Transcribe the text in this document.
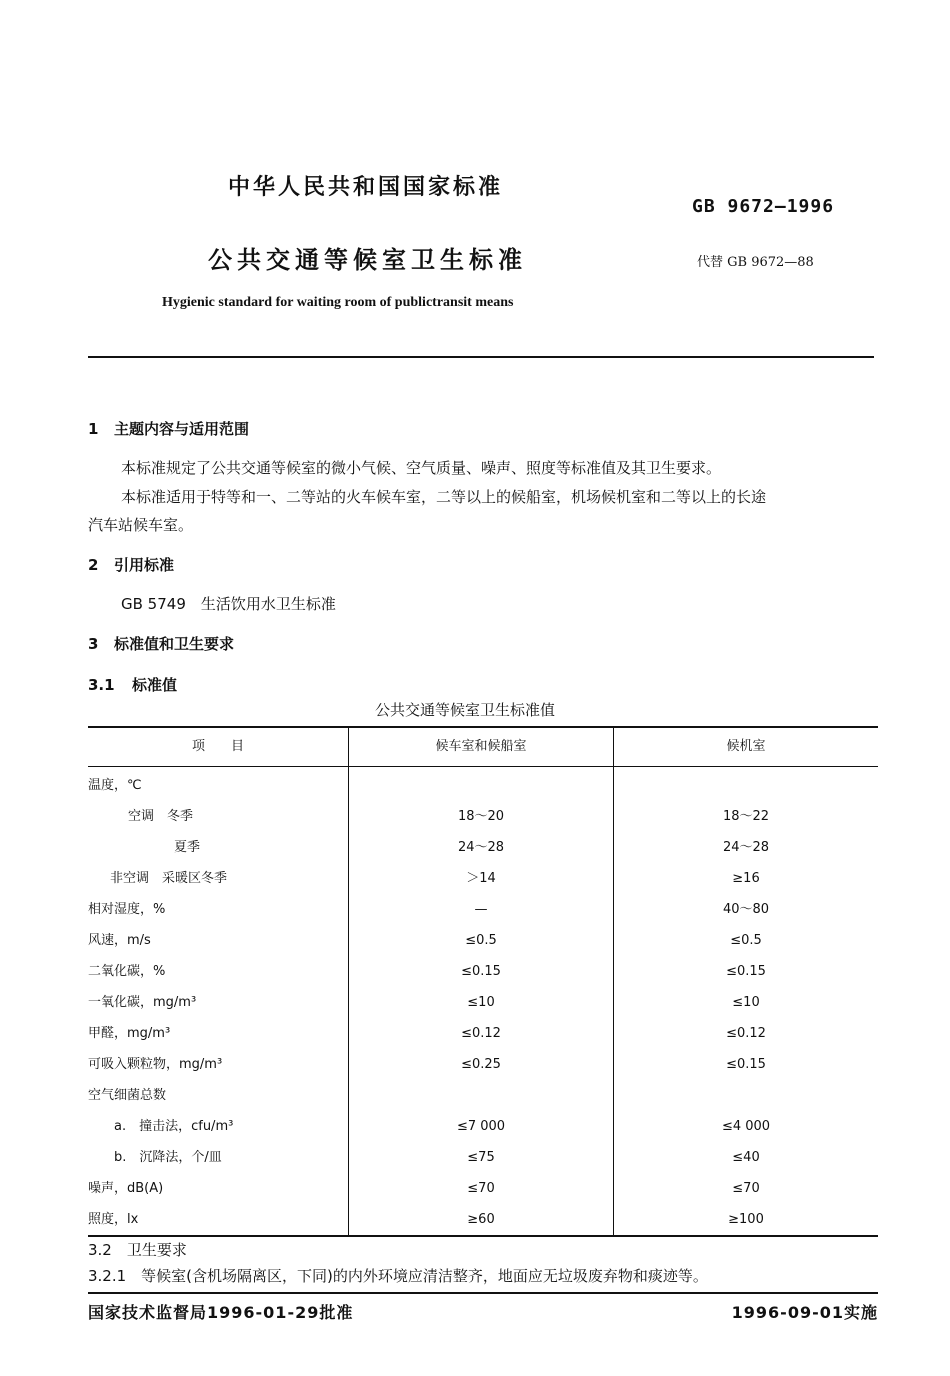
中华人民共和国国家标准
GB 9672—1996
公共交通等候室卫生标准	代替 GB 9672—88
Hygienic standard for waiting room of publictransit means
1 主题内容与适用范围
本标准规定了公共交通等候室的微小气候、空气质量、噪声、照度等标准值及其卫生要求。
本标准适用于特等和一、二等站的火车候车室，二等以上的候船室，机场候机室和二等以上的长途
汽车站候车室。
2 引用标准
GB 5749　生活饮用水卫生标准
3 标准值和卫生要求
3.1 标准值
公共交通等候室卫生标准值
项　　目	候车室和候船室	候机室
温度，℃		
空调　冬季	18～20	18～22
夏季	24～28	24～28
非空调　采暖区冬季	＞14	≥16
相对湿度，%	—	40～80
风速，m/s	≤0.5	≤0.5
二氧化碳，%	≤0.15	≤0.15
一氧化碳，mg/m³	≤10	≤10
甲醛，mg/m³	≤0.12	≤0.12
可吸入颗粒物，mg/m³	≤0.25	≤0.15
空气细菌总数		
a.　撞击法，cfu/m³	≤7 000	≤4 000
b.　沉降法，个/皿	≤75	≤40
噪声，dB(A)	≤70	≤70
照度，lx	≥60	≥100
3.2　卫生要求
3.2.1　等候室(含机场隔离区，下同)的内外环境应清洁整齐，地面应无垃圾废弃物和痰迹等。
国家技术监督局1996-01-29批准	1996-09-01实施
